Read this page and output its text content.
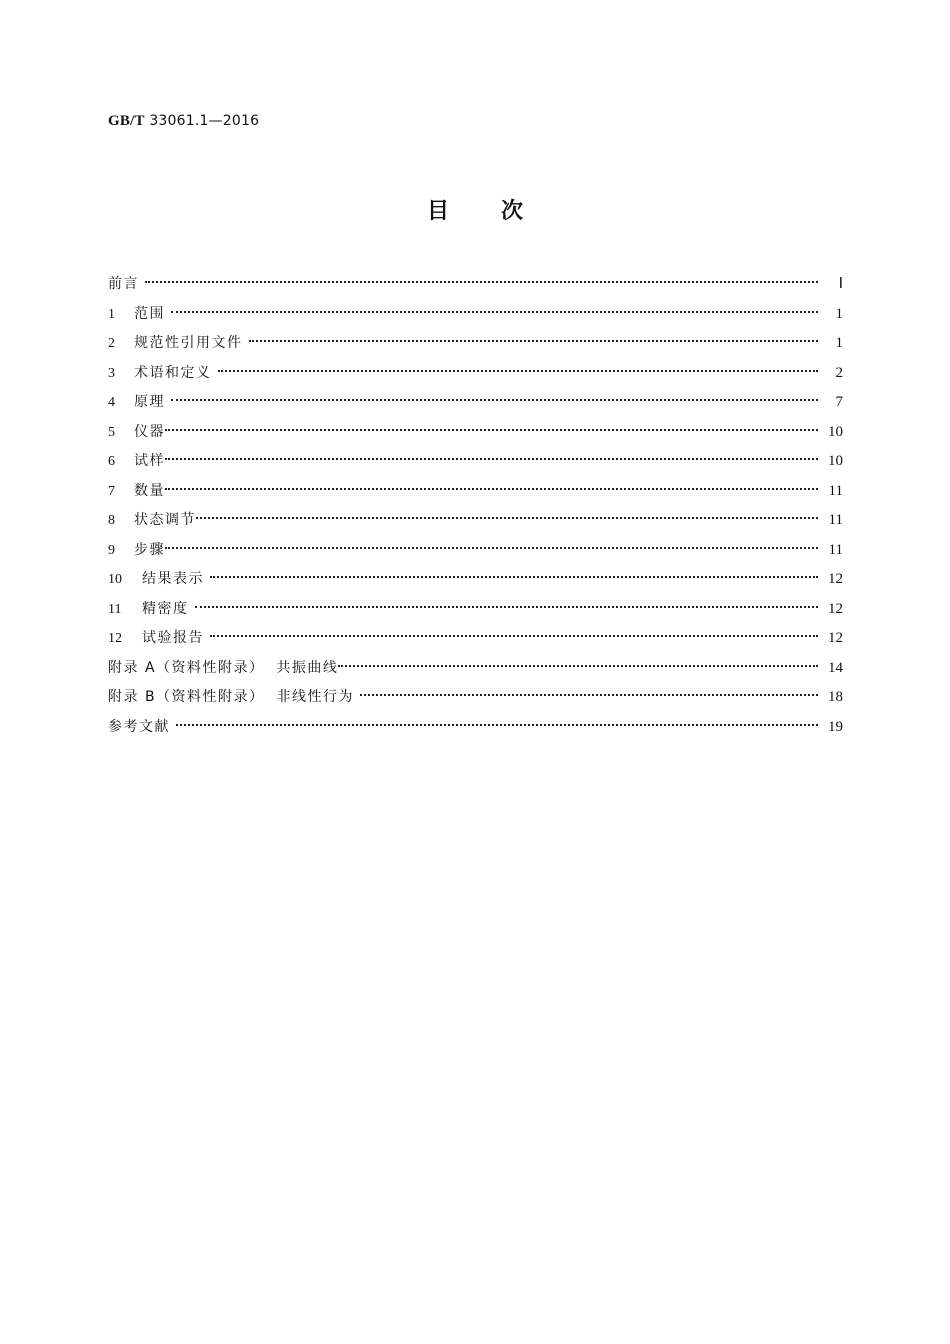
GB/T 33061.1—2016
目 次
前言	Ⅰ
1	范围	1
2	规范性引用文件	1
3	术语和定义	2
4	原理	7
5	仪器	10
6	试样	10
7	数量	11
8	状态调节	11
9	步骤	11
10	结果表示	12
11	精密度	12
12	试验报告	12
附录 A（资料性附录）  共振曲线	14
附录 B（资料性附录）  非线性行为	18
参考文献	19
